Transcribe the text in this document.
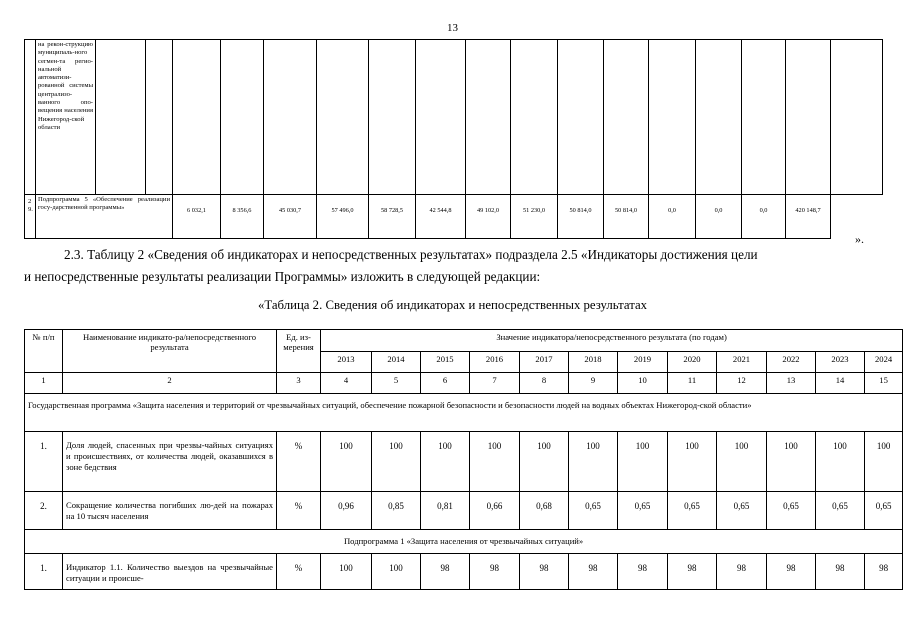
13
	на рекон-струкцию муниципаль-ного сегмен-та регио-нальной автоматизи-рованной системы централизо-ванного опо-вещения населения Нижегород-ской области																	
2 9.	Подпрограмма 5 «Обеспечение реализации госу-дарственной программы»			6 032,1	8 356,6	45 030,7	57 496,0	58 728,5	42 544,8	49 102,0	51 230,0	50 814,0	50 814,0	0,0	0,0	0,0	420 148,7	
».
2.3. Таблицу 2 «Сведения об индикаторах и непосредственных результатах» подраздела 2.5 «Индикаторы достижения цели
и непосредственные результаты реализации Программы» изложить в следующей редакции:
«Таблица 2. Сведения об индикаторах и непосредственных результатах
№ п/п	Наименование индикато-ра/непосредственного результата	Ед. из-мерения	Значение индикатора/непосредственного результата (по годам)											
			2013	2014	2015	2016	2017	2018	2019	2020	2021	2022	2023	2024
1	2	3	4	5	6	7	8	9	10	11	12	13	14	15
Государственная программа «Защита населения и территорий от чрезвычайных ситуаций, обеспечение пожарной безопасности и безопасности людей на водных объектах Нижегород-ской области»														
1.	Доля людей, спасенных при чрезвы-чайных ситуациях и происшествиях, от количества людей, оказавшихся в зоне бедствия	%	100	100	100	100	100	100	100	100	100	100	100	100
2.	Сокращение количества погибших лю-дей на пожарах на 10 тысяч населения	%	0,96	0,85	0,81	0,66	0,68	0,65	0,65	0,65	0,65	0,65	0,65	0,65
Подпрограмма 1 «Защита населения от чрезвычайных ситуаций»														
1.	Индикатор 1.1. Количество выездов на чрезвычайные ситуации и происше-	%	100	100	98	98	98	98	98	98	98	98	98	98
